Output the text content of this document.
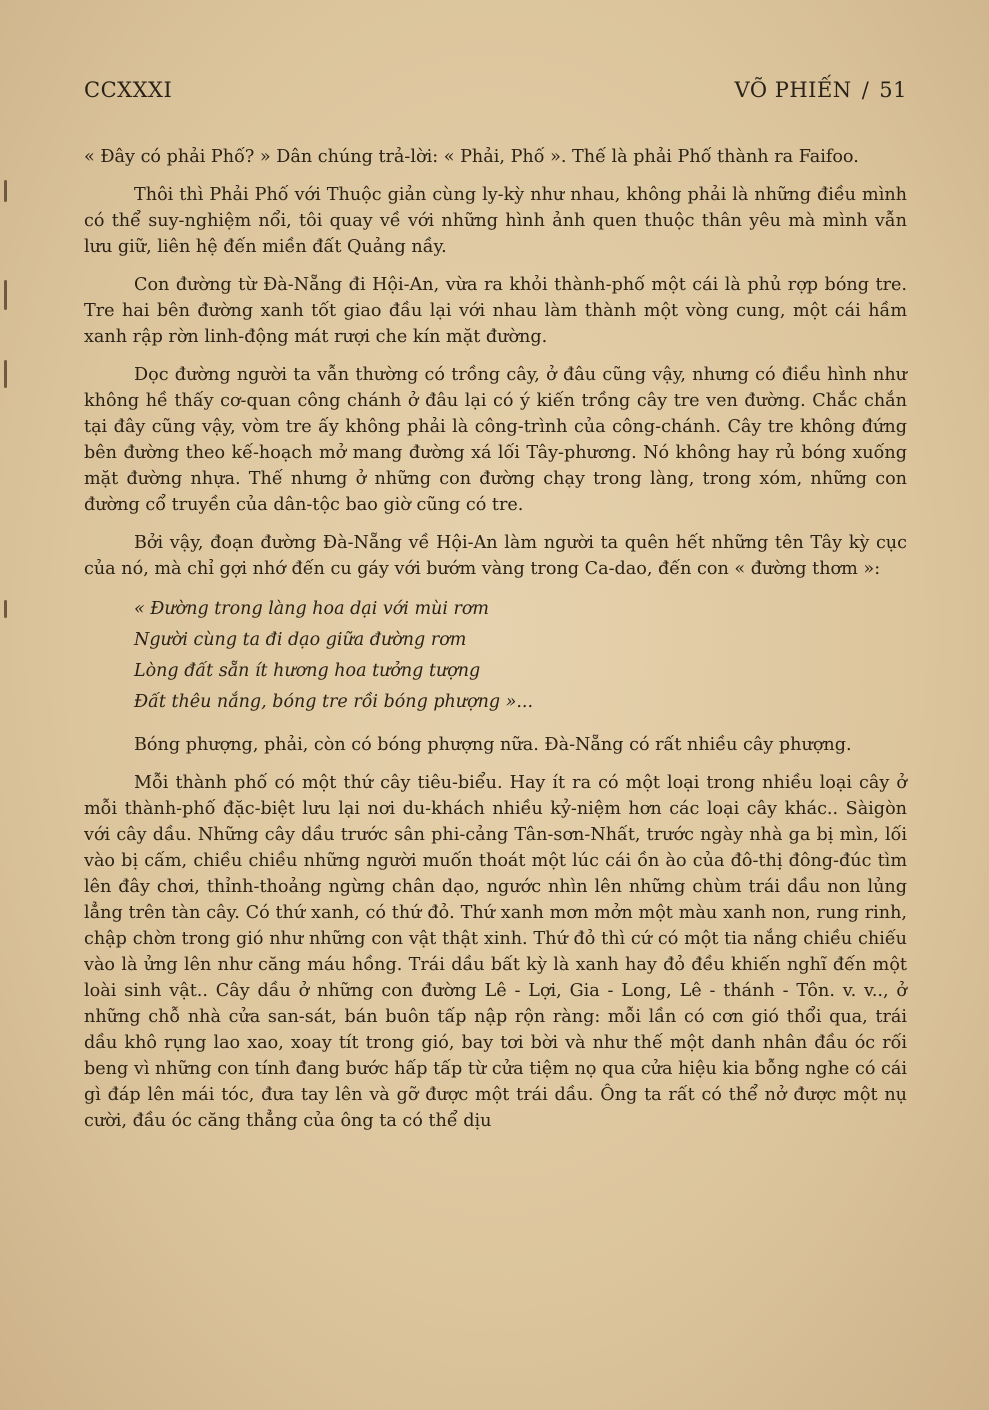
CCXXXI	VÕ PHIẾN / 51

« Đây có phải Phố? » Dân chúng trả-lời: « Phải, Phố ». Thế là phải Phố thành ra Faifoo.

Thôi thì Phải Phố với Thuộc giản cùng ly-kỳ như nhau, không phải là những điều mình có thể suy-nghiệm nổi, tôi quay về với những hình ảnh quen thuộc thân yêu mà mình vẫn lưu giữ, liên hệ đến miền đất Quảng nầy.

Con đường từ Đà-Nẵng đi Hội-An, vừa ra khỏi thành-phố một cái là phủ rợp bóng tre. Tre hai bên đường xanh tốt giao đầu lại với nhau làm thành một vòng cung, một cái hầm xanh rập rờn linh-động mát rượi che kín mặt đường.

Dọc đường người ta vẫn thường có trồng cây, ở đâu cũng vậy, nhưng có điều hình như không hề thấy cơ-quan công chánh ở đâu lại có ý kiến trồng cây tre ven đường. Chắc chắn tại đây cũng vậy, vòm tre ấy không phải là công-trình của công-chánh. Cây tre không đứng bên đường theo kế-hoạch mở mang đường xá lối Tây-phương. Nó không hay rủ bóng xuống mặt đường nhựa. Thế nhưng ở những con đường chạy trong làng, trong xóm, những con đường cổ truyền của dân-tộc bao giờ cũng có tre.

Bởi vậy, đoạn đường Đà-Nẵng về Hội-An làm người ta quên hết những tên Tây kỳ cục của nó, mà chỉ gợi nhớ đến cu gáy với bướm vàng trong Ca-dao, đến con « đường thơm »:

« Đường trong làng hoa dại với mùi rơm
Người cùng ta đi dạo giữa đường rơm
Lòng đất sẵn ít hương hoa tưởng tượng
Đất thêu nắng, bóng tre rồi bóng phượng »...

Bóng phượng, phải, còn có bóng phượng nữa. Đà-Nẵng có rất nhiều cây phượng.

Mỗi thành phố có một thứ cây tiêu-biểu. Hay ít ra có một loại trong nhiều loại cây ở mỗi thành-phố đặc-biệt lưu lại nơi du-khách nhiều kỷ-niệm hơn các loại cây khác.. Sàigòn với cây dầu. Những cây dầu trước sân phi-cảng Tân-sơn-Nhất, trước ngày nhà ga bị mìn, lối vào bị cấm, chiều chiều những người muốn thoát một lúc cái ồn ào của đô-thị đông-đúc tìm lên đây chơi, thỉnh-thoảng ngừng chân dạo, ngước nhìn lên những chùm trái dầu non lủng lẳng trên tàn cây. Có thứ xanh, có thứ đỏ. Thứ xanh mơn mởn một màu xanh non, rung rinh, chập chờn trong gió như những con vật thật xinh. Thứ đỏ thì cứ có một tia nắng chiều chiếu vào là ửng lên như căng máu hồng. Trái dầu bất kỳ là xanh hay đỏ đều khiến nghĩ đến một loài sinh vật.. Cây dầu ở những con đường Lê - Lợi, Gia - Long, Lê - thánh - Tôn. v. v.., ở những chỗ nhà cửa san-sát, bán buôn tấp nập rộn ràng: mỗi lần có cơn gió thổi qua, trái dầu khô rụng lao xao, xoay tít trong gió, bay tơi bời và như thế một danh nhân đầu óc rối beng vì những con tính đang bước hấp tấp từ cửa tiệm nọ qua cửa hiệu kia bỗng nghe có cái gì đáp lên mái tóc, đưa tay lên và gỡ được một trái dầu. Ông ta rất có thể nở được một nụ cười, đầu óc căng thẳng của ông ta có thể dịu
